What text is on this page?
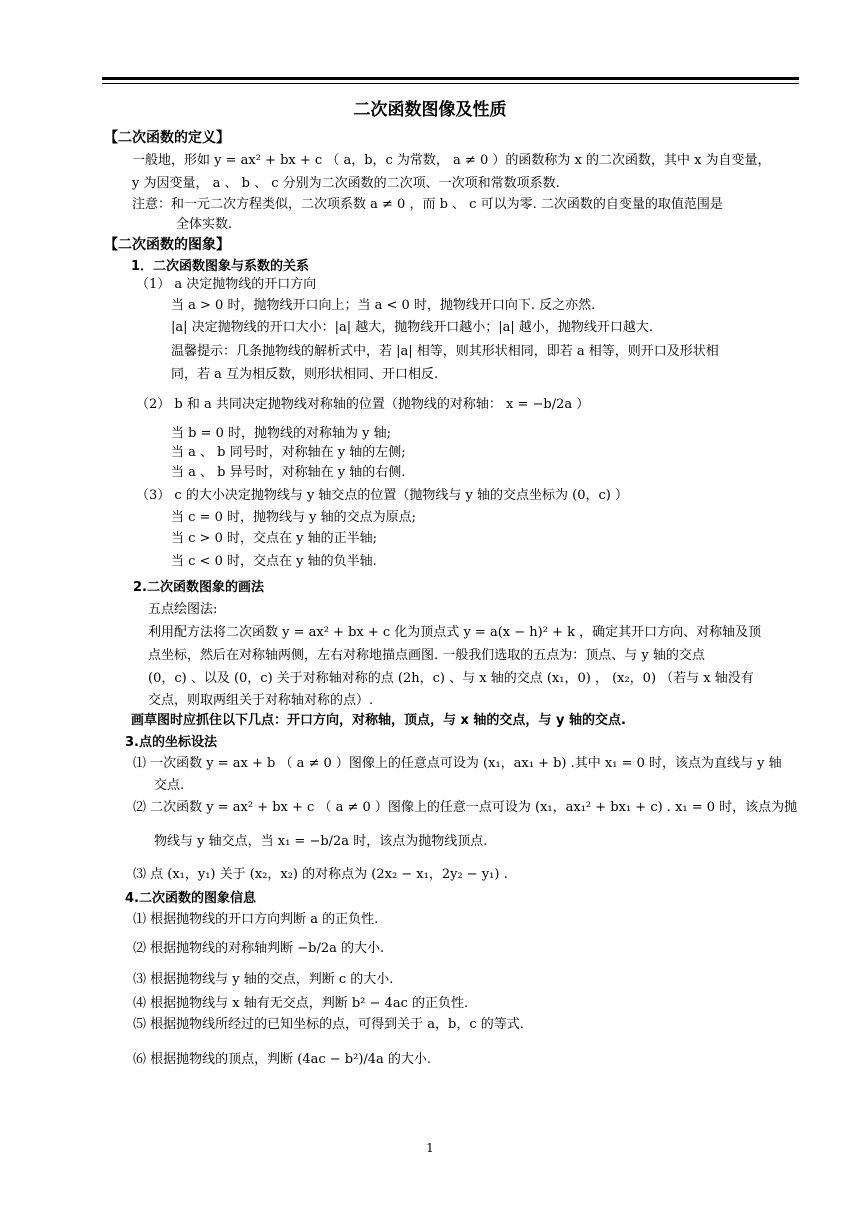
二次函数图像及性质
【二次函数的定义】
一般地，形如 y = ax² + bx + c （ a，b，c 为常数， a ≠ 0 ）的函数称为 x 的二次函数，其中 x 为自变量，
y 为因变量， a 、 b 、 c 分别为二次函数的二次项、一次项和常数项系数.
注意：和一元二次方程类似，二次项系数 a ≠ 0 ，而 b 、 c 可以为零. 二次函数的自变量的取值范围是
全体实数.
【二次函数的图象】
1．二次函数图象与系数的关系
（1） a 决定抛物线的开口方向
当 a > 0 时，抛物线开口向上；当 a < 0 时，抛物线开口向下. 反之亦然.
|a| 决定抛物线的开口大小：|a| 越大，抛物线开口越小；|a| 越小，抛物线开口越大.
温馨提示：几条抛物线的解析式中，若 |a| 相等，则其形状相同，即若 a 相等，则开口及形状相
同，若 a 互为相反数，则形状相同、开口相反.
（2） b 和 a 共同决定抛物线对称轴的位置（抛物线的对称轴： x = −b/2a ）
当 b = 0 时，抛物线的对称轴为 y 轴;
当 a 、 b 同号时，对称轴在 y 轴的左侧;
当 a 、 b 异号时，对称轴在 y 轴的右侧.
（3） c 的大小决定抛物线与 y 轴交点的位置（抛物线与 y 轴的交点坐标为 (0，c) ）
当 c = 0 时，抛物线与 y 轴的交点为原点;
当 c > 0 时，交点在 y 轴的正半轴;
当 c < 0 时，交点在 y 轴的负半轴.
2.二次函数图象的画法
五点绘图法:
利用配方法将二次函数 y = ax² + bx + c 化为顶点式 y = a(x − h)² + k ，确定其开口方向、对称轴及顶
点坐标，然后在对称轴两侧，左右对称地描点画图. 一般我们选取的五点为：顶点、与 y 轴的交点
(0，c) 、以及 (0，c) 关于对称轴对称的点 (2h，c) 、与 x 轴的交点 (x₁，0) ， (x₂，0) （若与 x 轴没有
交点，则取两组关于对称轴对称的点）.
画草图时应抓住以下几点：开口方向，对称轴，顶点，与 x 轴的交点，与 y 轴的交点.
3.点的坐标设法
⑴ 一次函数 y = ax + b （ a ≠ 0 ）图像上的任意点可设为 (x₁，ax₁ + b) .其中 x₁ = 0 时，该点为直线与 y 轴
交点.
⑵ 二次函数 y = ax² + bx + c （ a ≠ 0 ）图像上的任意一点可设为 (x₁，ax₁² + bx₁ + c) . x₁ = 0 时，该点为抛
物线与 y 轴交点，当 x₁ = −b/2a 时，该点为抛物线顶点.
⑶ 点 (x₁，y₁) 关于 (x₂，x₂) 的对称点为 (2x₂ − x₁，2y₂ − y₁) .
4.二次函数的图象信息
⑴ 根据抛物线的开口方向判断 a 的正负性.
⑵ 根据抛物线的对称轴判断 −b/2a 的大小.
⑶ 根据抛物线与 y 轴的交点，判断 c 的大小.
⑷ 根据抛物线与 x 轴有无交点，判断 b² − 4ac 的正负性.
⑸ 根据抛物线所经过的已知坐标的点，可得到关于 a，b，c 的等式.
⑹ 根据抛物线的顶点，判断 (4ac − b²)/4a 的大小.
1
